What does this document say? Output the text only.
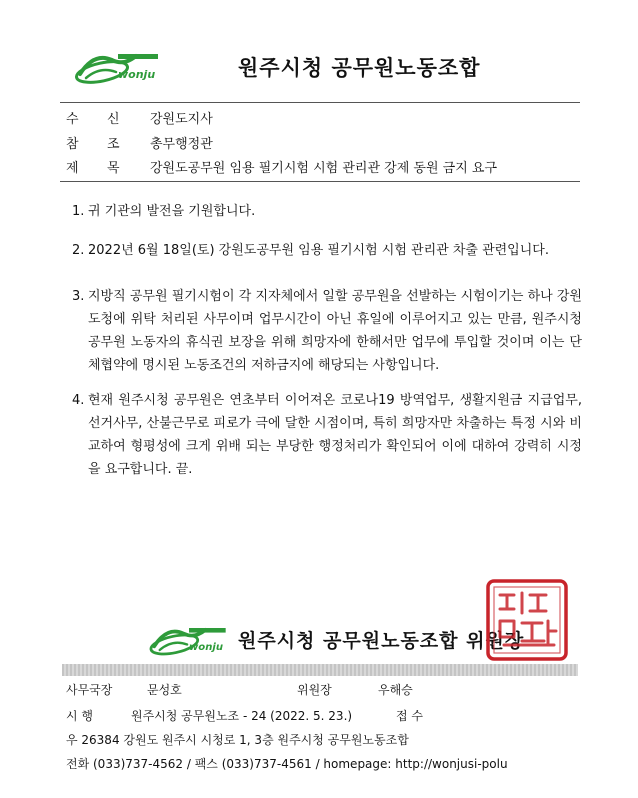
wonju	원주시청 공무원노동조합
수 신 강원도지사
참 조 총무행정관
제 목 강원도공무원 임용 필기시험 시험 관리관 강제 동원 금지 요구
1. 귀 기관의 발전을 기원합니다.
2. 2022년 6월 18일(토) 강원도공무원 임용 필기시험 시험 관리관 차출 관련입니다.
3. 지방직 공무원 필기시험이 각 지자체에서 일할 공무원을 선발하는 시험이기는 하나 강원도청에 위탁 처리된 사무이며 업무시간이 아닌 휴일에 이루어지고 있는 만큼, 원주시청 공무원 노동자의 휴식권 보장을 위해 희망자에 한해서만 업무에 투입할 것이며 이는 단체협약에 명시된 노동조건의 저하금지에 해당되는 사항입니다.
4. 현재 원주시청 공무원은 연초부터 이어져온 코로나19 방역업무, 생활지원금 지급업무, 선거사무, 산불근무로 피로가 극에 달한 시점이며, 특히 희망자만 차출하는 특정 시와 비교하여 형평성에 크게 위배 되는 부당한 행정처리가 확인되어 이에 대하여 강력히 시정을 요구합니다. 끝.
wonju 원주시청 공무원노동조합 위원장
사무국장	문성호	위원장	우해승
시 행	원주시청 공무원노조 - 24 (2022. 5. 23.)	접 수
우 26384 강원도 원주시 시청로 1, 3층 원주시청 공무원노동조합
전화 (033)737-4562 / 팩스 (033)737-4561 / homepage: http://wonjusi-polu
